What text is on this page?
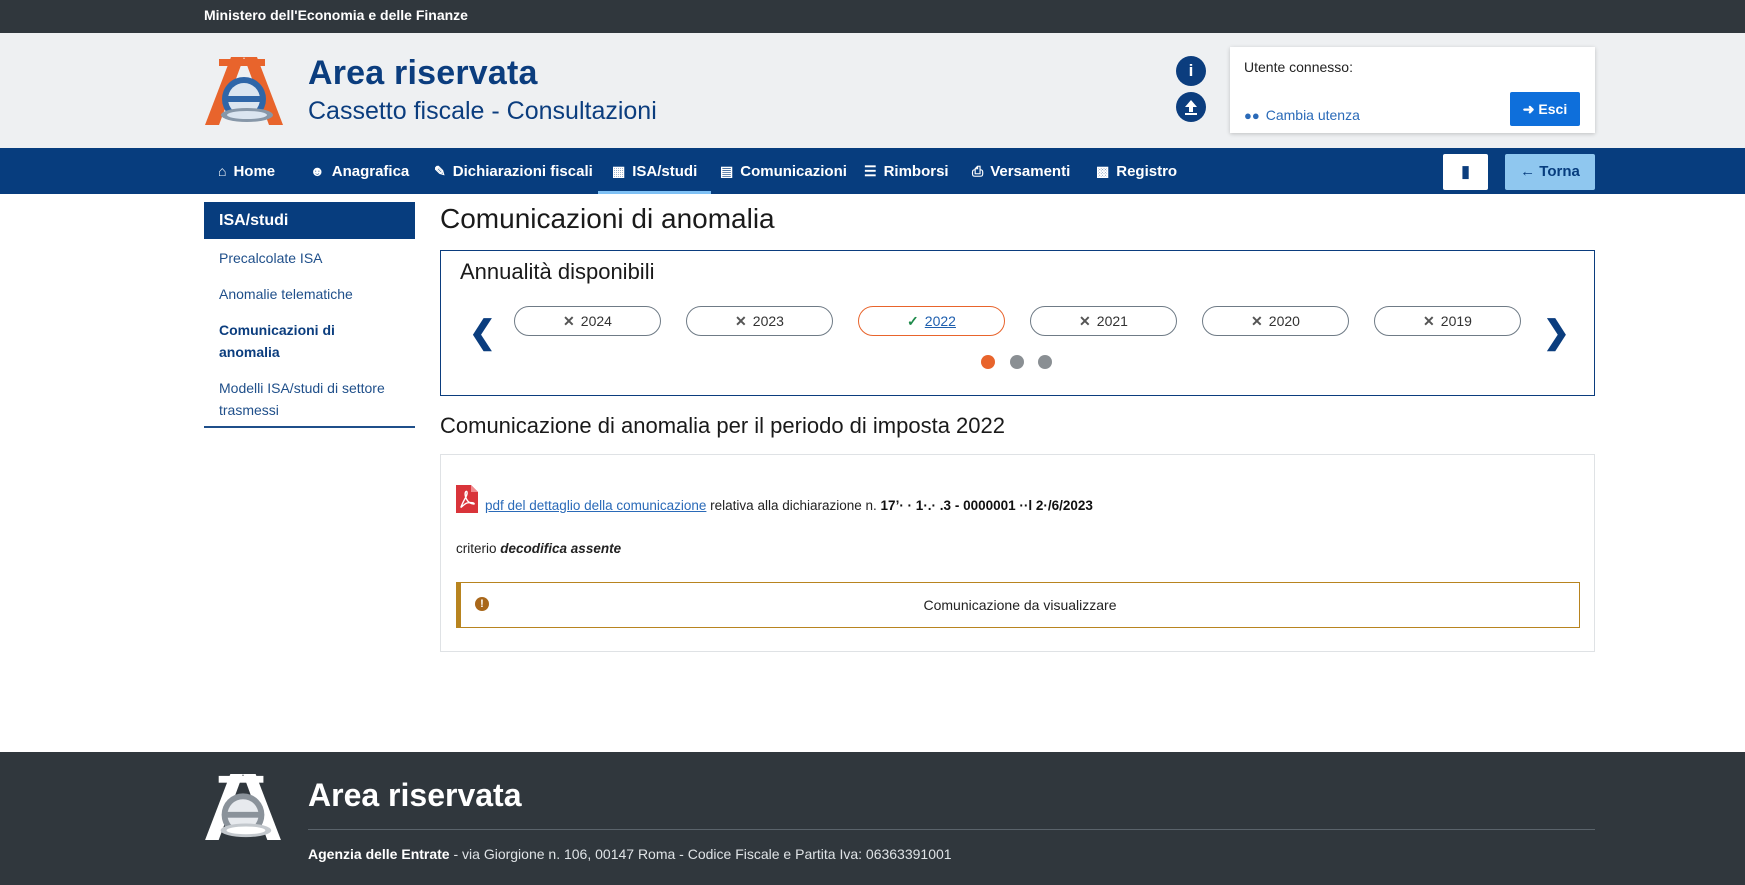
Ministero dell'Economia e delle Finanze
Area riservata
Cassetto fiscale - Consultazioni
i	Utente connesso:
●● Cambia utenza	➜ Esci
⌂ Home ☻ Anagrafica ✎ Dichiarazioni fiscali	▦ ISA/studi	▤ Comunicazioni ☰ Rimborsi ⎙ Versamenti ▩ Registro	▮	← Torna
ISA/studi
Precalcolate ISA
Anomalie telematiche
Comunicazioni di anomalia
Modelli ISA/studi di settore trasmessi
Comunicazioni di anomalia
Annualità disponibili
❮	✕ 2024	✕ 2023	✓ 2022	✕ 2021	✕ 2020	✕ 2019	❯
Comunicazione di anomalia per il periodo di imposta 2022
pdf del dettaglio della comunicazione relativa alla dichiarazione n. 17’· · 1·.· .3 - 0000001 ··l 2·/6/2023
criterio decodifica assente
!	Comunicazione da visualizzare
Area riservata
Agenzia delle Entrate - via Giorgione n. 106, 00147 Roma - Codice Fiscale e Partita Iva: 06363391001
